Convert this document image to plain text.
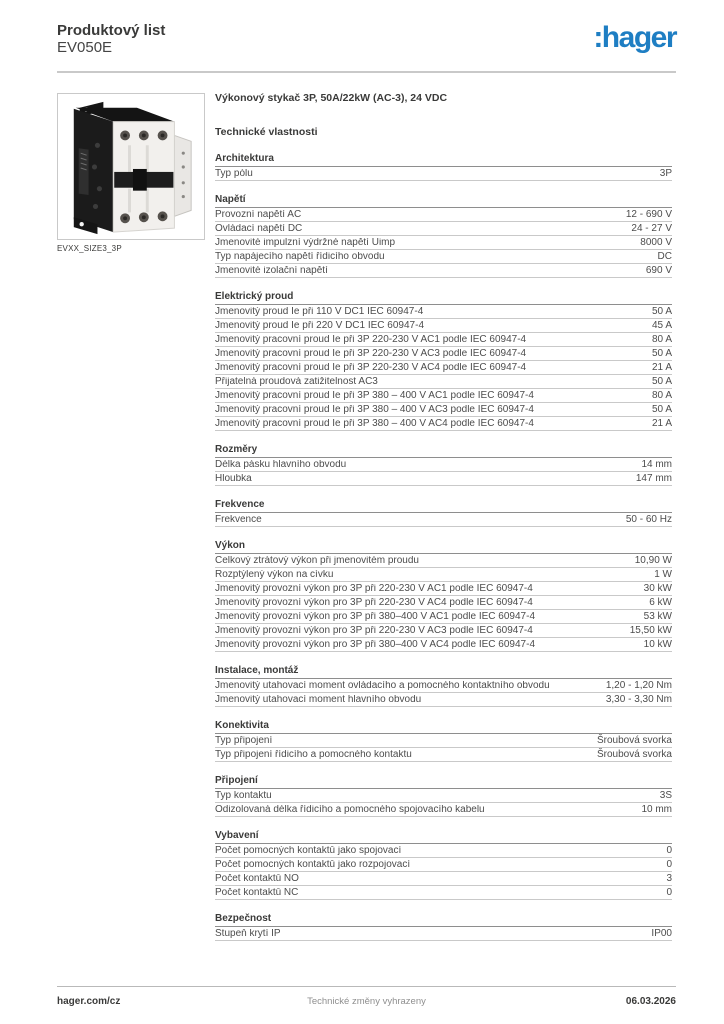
Produktový list
EV050E	:hager
EVXX_SIZE3_3P
Výkonový stykač 3P, 50A/22kW (AC-3), 24 VDC
Technické vlastnosti
Architektura
Typ pólu	3P
Napětí
Provozní napětí AC	12 - 690 V
Ovládací napětí DC	24 - 27 V
Jmenovité impulzní výdržné napětí Uimp	8000 V
Typ napájecího napětí řídicího obvodu	DC
Jmenovité izolační napětí	690 V
Elektrický proud
Jmenovitý proud Ie při 110 V DC1 IEC 60947-4	50 A
Jmenovitý proud Ie při 220 V DC1 IEC 60947-4	45 A
Jmenovitý pracovní proud Ie při 3P 220-230 V AC1 podle IEC 60947-4	80 A
Jmenovitý pracovní proud Ie při 3P 220-230 V AC3 podle IEC 60947-4	50 A
Jmenovitý pracovní proud Ie při 3P 220-230 V AC4 podle IEC 60947-4	21 A
Přijatelná proudová zatižitelnost AC3	50 A
Jmenovitý pracovní proud Ie při 3P 380 – 400 V AC1 podle IEC 60947-4	80 A
Jmenovitý pracovní proud Ie při 3P 380 – 400 V AC3 podle IEC 60947-4	50 A
Jmenovitý pracovní proud Ie při 3P 380 – 400 V AC4 podle IEC 60947-4	21 A
Rozměry
Délka pásku hlavního obvodu	14 mm
Hloubka	147 mm
Frekvence
Frekvence	50 - 60 Hz
Výkon
Celkový ztrátový výkon při jmenovitém proudu	10,90 W
Rozptýlený výkon na cívku	1 W
Jmenovitý provozní výkon pro 3P při 220-230 V AC1 podle IEC 60947-4	30 kW
Jmenovitý provozní výkon pro 3P při 220-230 V AC4 podle IEC 60947-4	6 kW
Jmenovitý provozní výkon pro 3P při 380–400 V AC1 podle IEC 60947-4	53 kW
Jmenovitý provozní výkon pro 3P při 220-230 V AC3 podle IEC 60947-4	15,50 kW
Jmenovitý provozní výkon pro 3P při 380–400 V AC4 podle IEC 60947-4	10 kW
Instalace, montáž
Jmenovitý utahovací moment ovládacího a pomocného kontaktního obvodu	1,20 - 1,20 Nm
Jmenovitý utahovací moment hlavního obvodu	3,30 - 3,30 Nm
Konektivita
Typ připojení	Šroubová svorka
Typ připojení řídicího a pomocného kontaktu	Šroubová svorka
Připojení
Typ kontaktu	3S
Odizolovaná délka řídicího a pomocného spojovacího kabelu	10 mm
Vybavení
Počet pomocných kontaktů jako spojovací	0
Počet pomocných kontaktů jako rozpojovací	0
Počet kontaktů NO	3
Počet kontaktů NC	0
Bezpečnost
Stupeň krytí IP	IP00
hager.com/cz	Technické změny vyhrazeny	06.03.2026
